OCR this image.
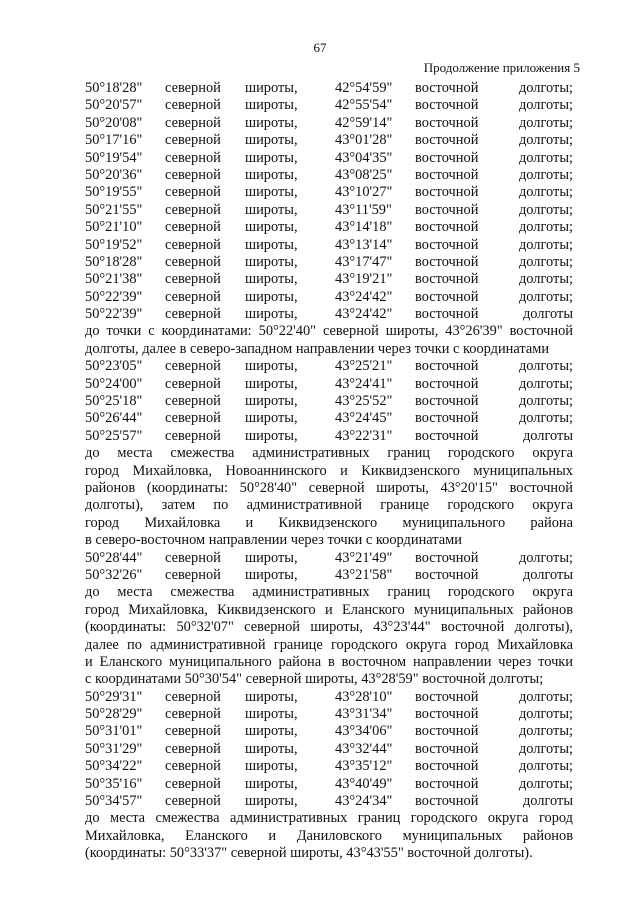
67
Продолжение приложения 5
50°18'28"	северной	широты,	42°54'59"	восточной	долготы;
50°20'57"	северной	широты,	42°55'54"	восточной	долготы;
50°20'08"	северной	широты,	42°59'14"	восточной	долготы;
50°17'16"	северной	широты,	43°01'28"	восточной	долготы;
50°19'54"	северной	широты,	43°04'35"	восточной	долготы;
50°20'36"	северной	широты,	43°08'25"	восточной	долготы;
50°19'55"	северной	широты,	43°10'27"	восточной	долготы;
50°21'55"	северной	широты,	43°11'59"	восточной	долготы;
50°21'10"	северной	широты,	43°14'18"	восточной	долготы;
50°19'52"	северной	широты,	43°13'14"	восточной	долготы;
50°18'28"	северной	широты,	43°17'47"	восточной	долготы;
50°21'38"	северной	широты,	43°19'21"	восточной	долготы;
50°22'39"	северной	широты,	43°24'42"	восточной	долготы;
50°22'39"	северной	широты,	43°24'42"	восточной	долготы
до точки с координатами: 50°22'40" северной широты, 43°26'39" восточной
долготы, далее в северо-западном направлении через точки с координатами
50°23'05"	северной	широты,	43°25'21"	восточной	долготы;
50°24'00"	северной	широты,	43°24'41"	восточной	долготы;
50°25'18"	северной	широты,	43°25'52"	восточной	долготы;
50°26'44"	северной	широты,	43°24'45"	восточной	долготы;
50°25'57"	северной	широты,	43°22'31"	восточной	долготы
до места смежества административных границ городского округа
город Михайловка, Новоаннинского и Киквидзенского муниципальных
районов (координаты: 50°28'40" северной широты, 43°20'15" восточной
долготы), затем по административной границе городского округа
город Михайловка и Киквидзенского муниципального района
в северо-восточном направлении через точки с координатами
50°28'44"	северной	широты,	43°21'49"	восточной	долготы;
50°32'26"	северной	широты,	43°21'58"	восточной	долготы
до места смежества административных границ городского округа
город Михайловка, Киквидзенского и Еланского муниципальных районов
(координаты: 50°32'07" северной широты, 43°23'44" восточной долготы),
далее по административной границе городского округа город Михайловка
и Еланского муниципального района в восточном направлении через точки
с координатами 50°30'54" северной широты, 43°28'59" восточной долготы;
50°29'31"	северной	широты,	43°28'10"	восточной	долготы;
50°28'29"	северной	широты,	43°31'34"	восточной	долготы;
50°31'01"	северной	широты,	43°34'06"	восточной	долготы;
50°31'29"	северной	широты,	43°32'44"	восточной	долготы;
50°34'22"	северной	широты,	43°35'12"	восточной	долготы;
50°35'16"	северной	широты,	43°40'49"	восточной	долготы;
50°34'57"	северной	широты,	43°24'34"	восточной	долготы
до места смежества административных границ городского округа город
Михайловка, Еланского и Даниловского муниципальных районов
(координаты: 50°33'37" северной широты, 43°43'55" восточной долготы).
